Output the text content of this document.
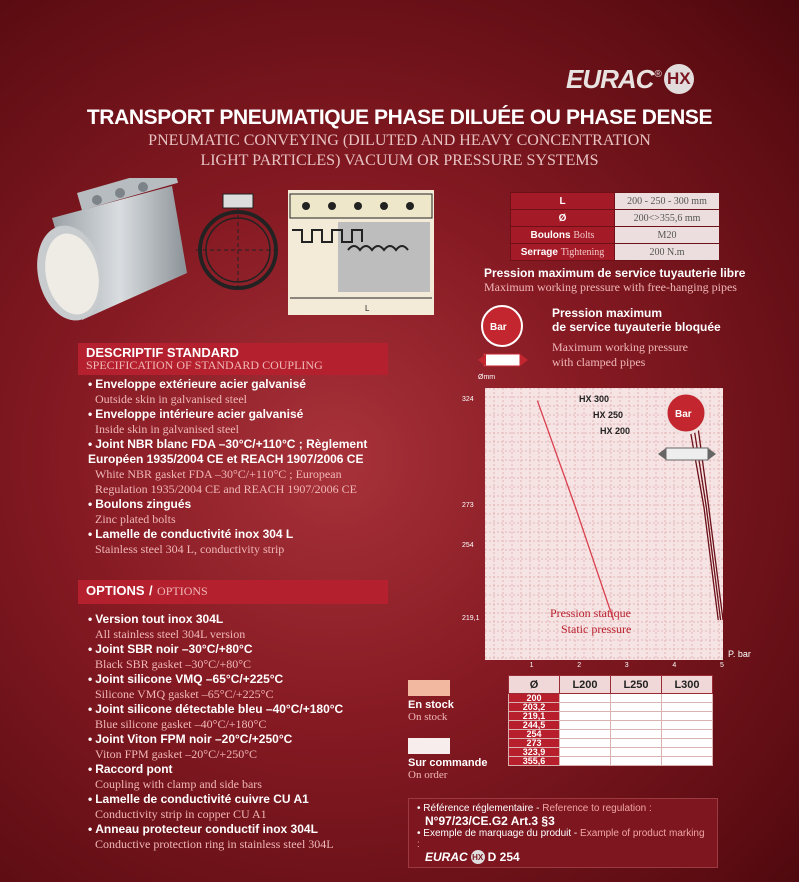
EURAC ® HX
TRANSPORT PNEUMATIQUE PHASE DILUÉE OU PHASE DENSE
PNEUMATIC CONVEYING (DILUTED AND HEAVY CONCENTRATION
LIGHT PARTICLES) VACUUM OR PRESSURE SYSTEMS
L
L	200 - 250 - 300 mm
Ø	200<>355,6 mm
Boulons Bolts	M20
Serrage Tightening	200 N.m
Pression maximum de service tuyauterie libre
Maximum working pressure with free-hanging pipes
Bar
Pression maximum
de service tuyauterie bloquée
Maximum working pressure
with clamped pipes
DESCRIPTIF STANDARD
SPECIFICATION OF STANDARD COUPLING
• Enveloppe extérieure acier galvanisé
Outside skin in galvanised steel
• Enveloppe intérieure acier galvanisé
Inside skin in galvanised steel
• Joint NBR blanc FDA –30°C/+110°C ; Règlement Européen 1935/2004 CE et REACH 1907/2006 CE
White NBR gasket FDA –30°C/+110°C ; European
Regulation 1935/2004 CE and REACH 1907/2006 CE
• Boulons zingués
Zinc plated bolts
• Lamelle de conductivité inox 304 L
Stainless steel 304 L, conductivity strip
OPTIONS / OPTIONS
• Version tout inox 304L
All stainless steel 304L version
• Joint SBR noir –30°C/+80°C
Black SBR gasket –30°C/+80°C
• Joint silicone VMQ –65°C/+225°C
Silicone VMQ gasket –65°C/+225°C
• Joint silicone détectable bleu –40°C/+180°C
Blue silicone gasket –40°C/+180°C
• Joint Viton FPM noir –20°C/+250°C
Viton FPM gasket –20°C/+250°C
• Raccord pont
Coupling with clamp and side bars
• Lamelle de conductivité cuivre CU A1
Conductivity strip in copper CU A1
• Anneau protecteur conductif inox 304L
Conductive protection ring in stainless steel 304L
Ømm
P. bar
324
273
254
219,1
1	2	3	4	5
HX 300
HX 250
HX 200
Pression statique
Static pressure
Bar
En stock
On stock
Sur commande
On order
Ø	L200	L250	L300
200			
203,2			
219,1			
244,5			
254			
273			
323,9			
355,6			
• Référence réglementaire - Reference to regulation :
N°97/23/CE.G2 Art.3 §3
• Exemple de marquage du produit - Example of product marking :
EURAC HX D 254
